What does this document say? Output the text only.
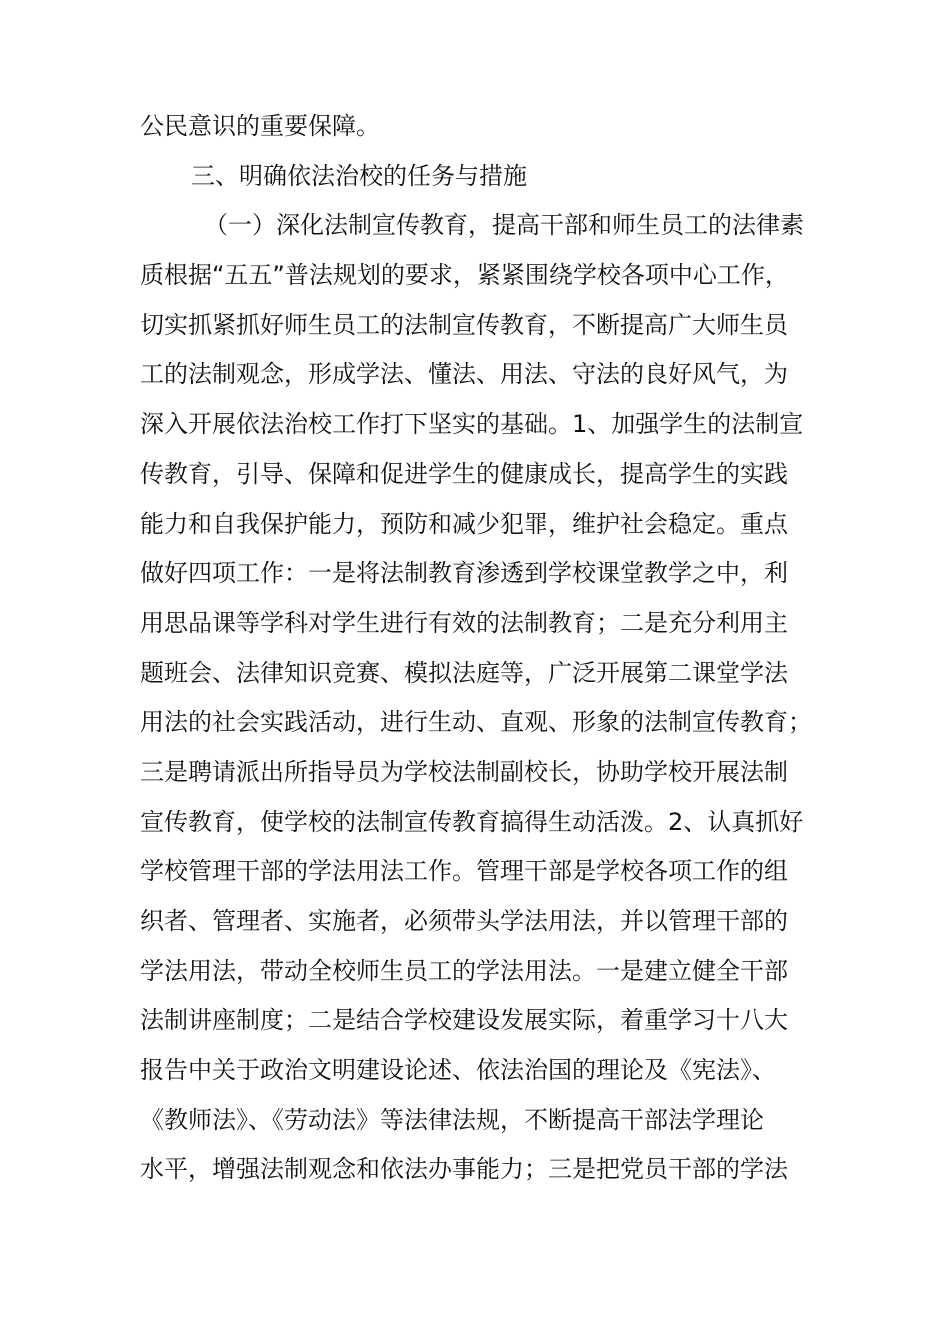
公民意识的重要保障。
三、明确依法治校的任务与措施
（一）深化法制宣传教育，提高干部和师生员工的法律素
质根据“五五”普法规划的要求，紧紧围绕学校各项中心工作，
切实抓紧抓好师生员工的法制宣传教育，不断提高广大师生员
工的法制观念，形成学法、懂法、用法、守法的良好风气，为
深入开展依法治校工作打下坚实的基础。1、加强学生的法制宣
传教育，引导、保障和促进学生的健康成长，提高学生的实践
能力和自我保护能力，预防和减少犯罪，维护社会稳定。重点
做好四项工作：一是将法制教育渗透到学校课堂教学之中，利
用思品课等学科对学生进行有效的法制教育；二是充分利用主
题班会、法律知识竞赛、模拟法庭等，广泛开展第二课堂学法
用法的社会实践活动，进行生动、直观、形象的法制宣传教育；
三是聘请派出所指导员为学校法制副校长，协助学校开展法制
宣传教育，使学校的法制宣传教育搞得生动活泼。2、认真抓好
学校管理干部的学法用法工作。管理干部是学校各项工作的组
织者、管理者、实施者，必须带头学法用法，并以管理干部的
学法用法，带动全校师生员工的学法用法。一是建立健全干部
法制讲座制度；二是结合学校建设发展实际，着重学习十八大
报告中关于政治文明建设论述、依法治国的理论及《宪法》、
《教师法》、《劳动法》等法律法规，不断提高干部法学理论
水平，增强法制观念和依法办事能力；三是把党员干部的学法
